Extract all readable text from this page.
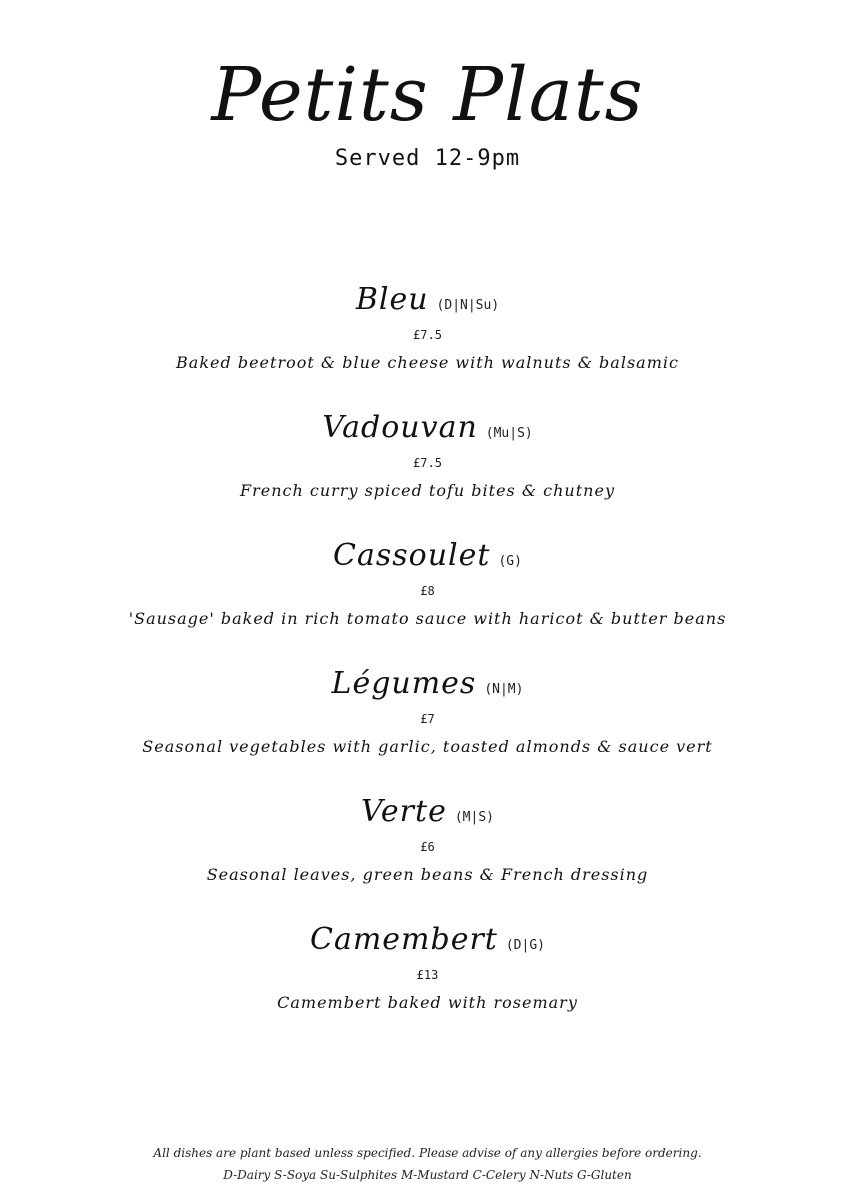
Petits Plats
Served 12-9pm
Bleu (D|N|Su)
£7.5
Baked beetroot & blue cheese with walnuts & balsamic
Vadouvan (Mu|S)
£7.5
French curry spiced tofu bites & chutney
Cassoulet (G)
£8
'Sausage' baked in rich tomato sauce with haricot & butter beans
Légumes (N|M)
£7
Seasonal vegetables with garlic, toasted almonds & sauce vert
Verte (M|S)
£6
Seasonal leaves, green beans & French dressing
Camembert (D|G)
£13
Camembert baked with rosemary
All dishes are plant based unless specified. Please advise of any allergies before ordering.
D-Dairy S-Soya Su-Sulphites M-Mustard C-Celery N-Nuts G-Gluten
